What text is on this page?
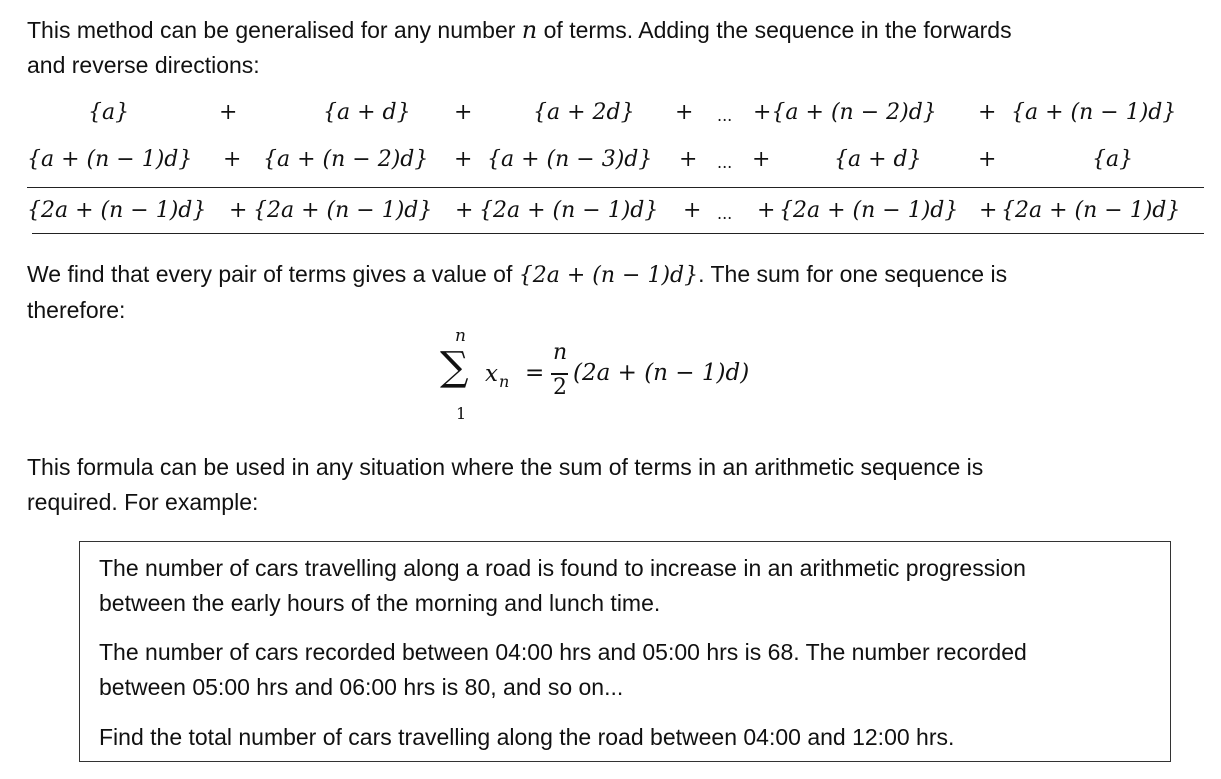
This method can be generalised for any number n of terms. Adding the sequence in the forwards
and reverse directions:
{a}	+	{a + d} +	{a + 2d} + ... +{a + (n − 2)d} + {a + (n − 1)d}
{a + (n − 1)d} + {a + (n − 2)d} + {a + (n − 3)d} + ... +	{a + d}	+	{a}
{2a + (n − 1)d} + {2a + (n − 1)d} + {2a + (n − 1)d} + ... + {2a + (n − 1)d} + {2a + (n − 1)d}
We find that every pair of terms gives a value of {2a + (n − 1)d}. The sum for one sequence is
therefore:
n
∑
1
x n =
n
2
(2a + (n − 1)d)
This formula can be used in any situation where the sum of terms in an arithmetic sequence is
required. For example:

The number of cars travelling along a road is found to increase in an arithmetic progression
between the early hours of the morning and lunch time.

The number of cars recorded between 04:00 hrs and 05:00 hrs is 68. The number recorded
between 05:00 hrs and 06:00 hrs is 80, and so on...

Find the total number of cars travelling along the road between 04:00 and 12:00 hrs.
